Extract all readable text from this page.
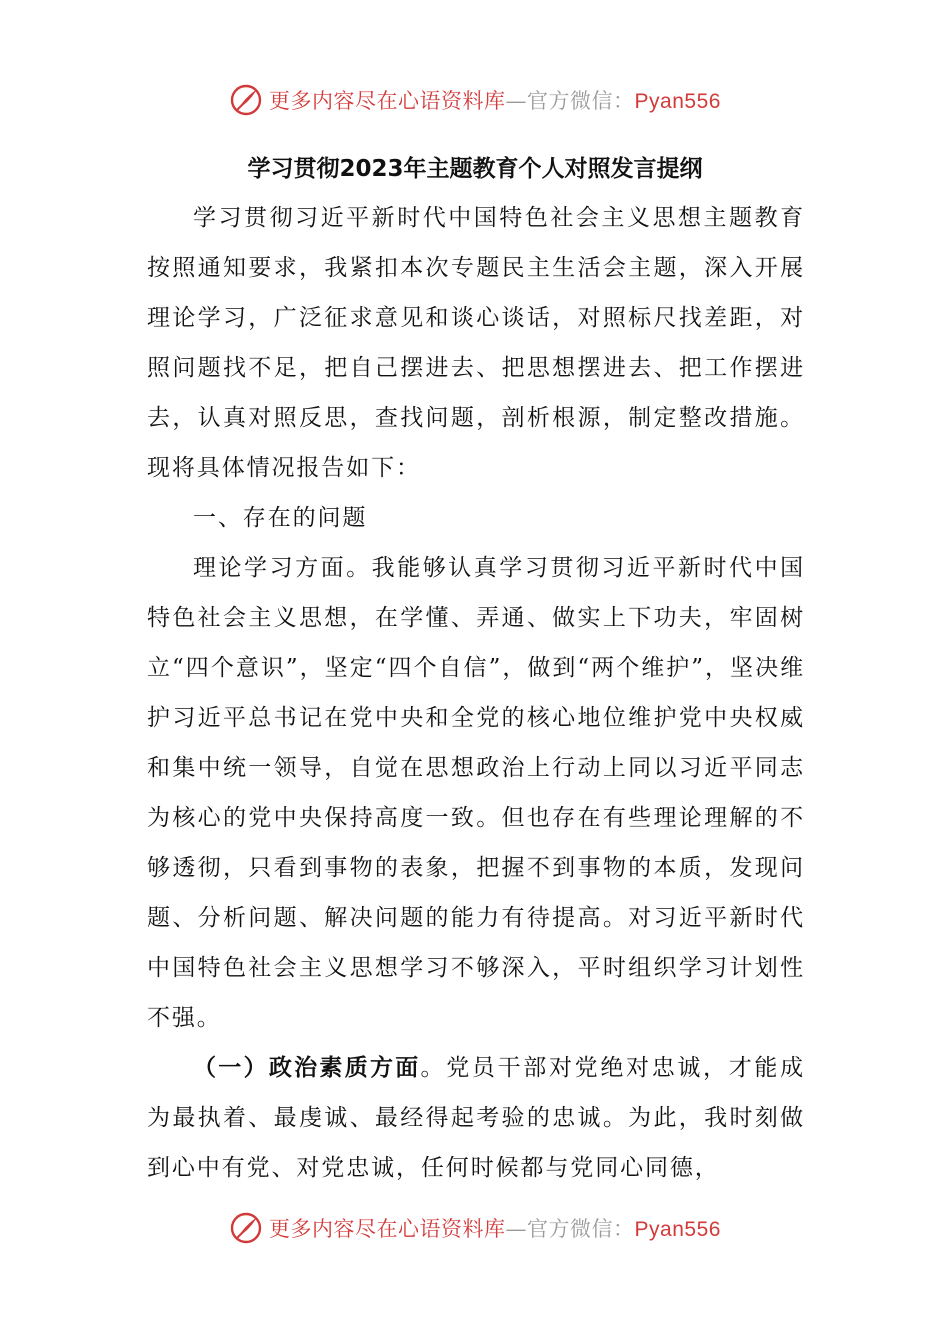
更多内容尽在心语资料库—官方微信：Pyan556
学习贯彻2023年主题教育个人对照发言提纲

学习贯彻习近平新时代中国特色社会主义思想主题教育按照通知要求，我紧扣本次专题民主生活会主题，深入开展理论学习，广泛征求意见和谈心谈话，对照标尺找差距，对照问题找不足，把自己摆进去、把思想摆进去、把工作摆进去，认真对照反思，查找问题，剖析根源，制定整改措施。现将具体情况报告如下：

一、存在的问题

理论学习方面。我能够认真学习贯彻习近平新时代中国特色社会主义思想，在学懂、弄通、做实上下功夫，牢固树立“四个意识”，坚定“四个自信”，做到“两个维护”，坚决维护习近平总书记在党中央和全党的核心地位维护党中央权威和集中统一领导，自觉在思想政治上行动上同以习近平同志为核心的党中央保持高度一致。但也存在有些理论理解的不够透彻，只看到事物的表象，把握不到事物的本质，发现问题、分析问题、解决问题的能力有待提高。对习近平新时代中国特色社会主义思想学习不够深入，平时组织学习计划性不强。

（一）政治素质方面。党员干部对党绝对忠诚，才能成为最执着、最虔诚、最经得起考验的忠诚。为此，我时刻做到心中有党、对党忠诚，任何时候都与党同心同德，

更多内容尽在心语资料库—官方微信：Pyan556
